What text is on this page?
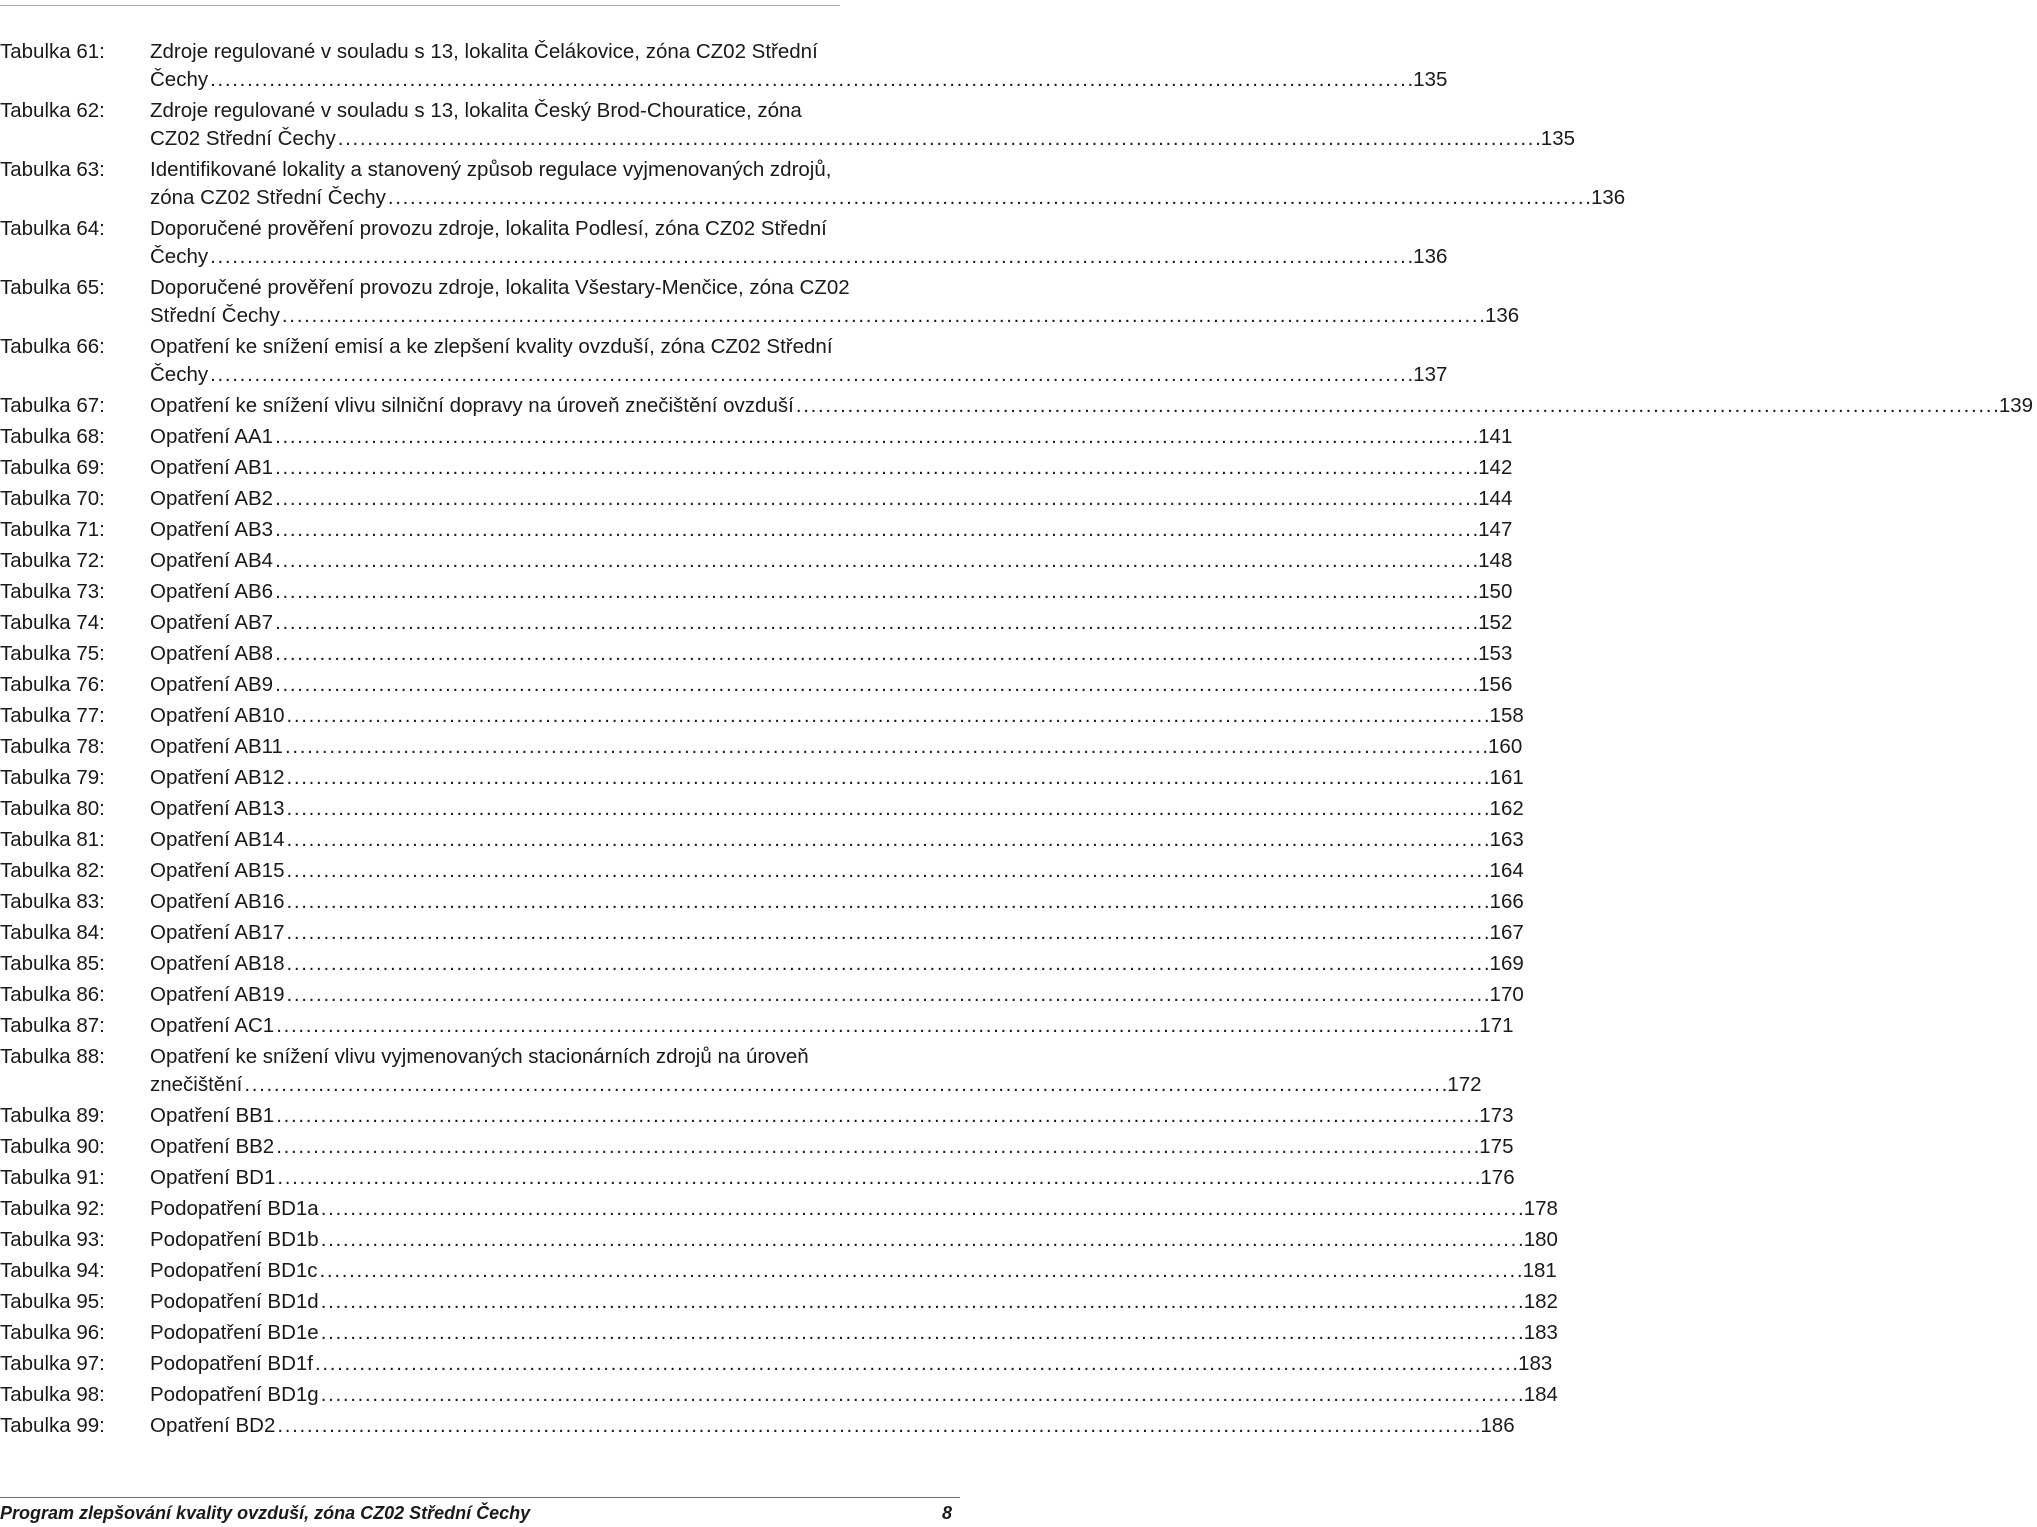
Tabulka 61:	Zdroje regulované v souladu s 13, lokalita Čelákovice, zóna CZ02 Střední
Čechy . . .	135
Tabulka 62:	Zdroje regulované v souladu s 13, lokalita Český Brod-Chouratice, zóna
CZ02 Střední Čechy . . .	135
Tabulka 63:	Identifikované lokality a stanovený způsob regulace vyjmenovaných zdrojů,
zóna CZ02 Střední Čechy . . .	136
Tabulka 64:	Doporučené prověření provozu zdroje, lokalita Podlesí, zóna CZ02 Střední
Čechy . . .	136
Tabulka 65:	Doporučené prověření provozu zdroje, lokalita Všestary-Menčice, zóna CZ02
Střední Čechy . . .	136
Tabulka 66:	Opatření ke snížení emisí a ke zlepšení kvality ovzduší, zóna CZ02 Střední
Čechy . . .	137
Tabulka 67:	Opatření ke snížení vlivu silniční dopravy na úroveň znečištění ovzduší . . .	139
Tabulka 68:	Opatření AA1 . . .	141
Tabulka 69:	Opatření AB1 . . .	142
Tabulka 70:	Opatření AB2 . . .	144
Tabulka 71:	Opatření AB3 . . .	147
Tabulka 72:	Opatření AB4 . . .	148
Tabulka 73:	Opatření AB6 . . .	150
Tabulka 74:	Opatření AB7 . . .	152
Tabulka 75:	Opatření AB8 . . .	153
Tabulka 76:	Opatření AB9 . . .	156
Tabulka 77:	Opatření AB10 . . .	158
Tabulka 78:	Opatření AB11 . . .	160
Tabulka 79:	Opatření AB12 . . .	161
Tabulka 80:	Opatření AB13 . . .	162
Tabulka 81:	Opatření AB14 . . .	163
Tabulka 82:	Opatření AB15 . . .	164
Tabulka 83:	Opatření AB16 . . .	166
Tabulka 84:	Opatření AB17 . . .	167
Tabulka 85:	Opatření AB18 . . .	169
Tabulka 86:	Opatření AB19 . . .	170
Tabulka 87:	Opatření AC1 . . .	171
Tabulka 88:	Opatření ke snížení vlivu vyjmenovaných stacionárních zdrojů na úroveň
znečištění . . .	172
Tabulka 89:	Opatření BB1 . . .	173
Tabulka 90:	Opatření BB2 . . .	175
Tabulka 91:	Opatření BD1 . . .	176
Tabulka 92:	Podopatření BD1a . . .	178
Tabulka 93:	Podopatření BD1b . . .	180
Tabulka 94:	Podopatření BD1c . . .	181
Tabulka 95:	Podopatření BD1d . . .	182
Tabulka 96:	Podopatření BD1e . . .	183
Tabulka 97:	Podopatření BD1f . . .	183
Tabulka 98:	Podopatření BD1g . . .	184
Tabulka 99:	Opatření BD2 . . .	186
Program zlepšování kvality ovzduší, zóna CZ02 Střední Čechy	8
